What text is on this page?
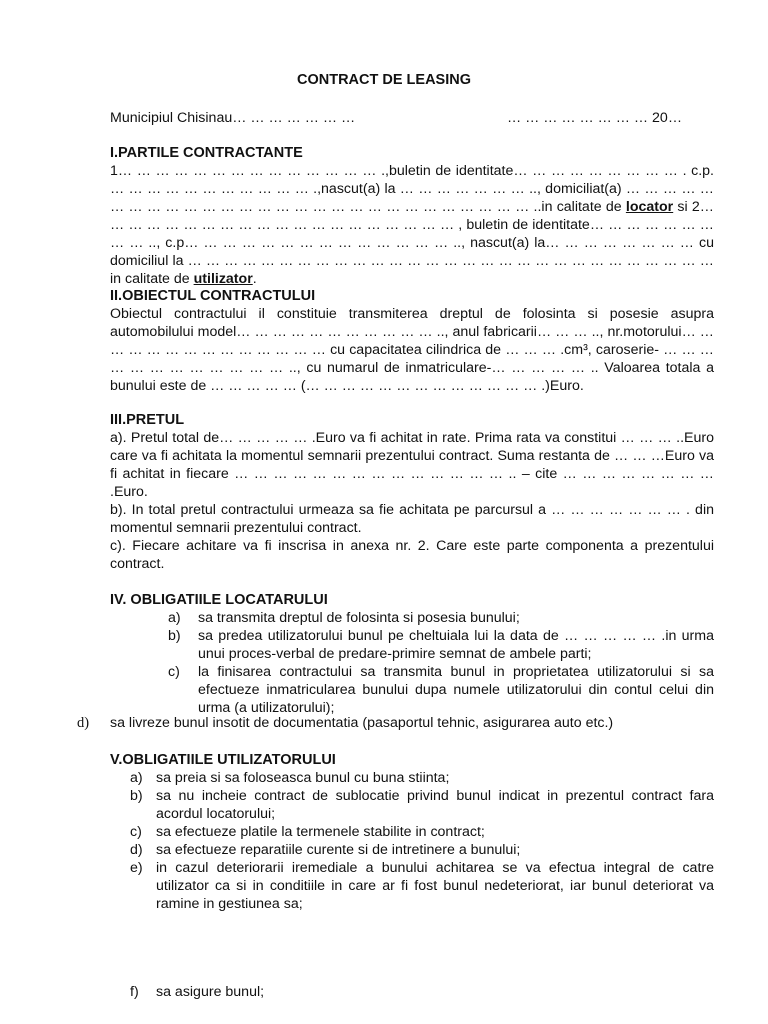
CONTRACT DE LEASING
Municipiul Chisinau… … … … … … …	… … … … … … … … 20…

I.PARTILE CONTRACTANTE

1… … … … … … … … … … … … … … .,buletin de identitate… … … … … … … … … . c.p. … … … … … … … … … … … .,nascut(a) la … … … … … … … .., domiciliat(a) … … … … … … … … … … … … … … … … … … … … … … … … … … … … ..in calitate de locator si 2… … … … … … … … … … … … … … … … … … … … , buletin de identitate… … … … … … … … … .., c.p… … … … … … … … … … … … … … .., nascut(a) la… … … … … … … … cu domiciliul la … … … … … … … … … … … … … … … … … … … … … … … … … … … … … in calitate de utilizator.

II.OBIECTUL CONTRACTULUI

Obiectul contractului il constituie transmiterea dreptul de folosinta si posesie asupra automobilului model… … … … … … … … … … … .., anul fabricarii… … … .., nr.motorului… … … … … … … … … … … … … … cu capacitatea cilindrica de … … … .cm³, caroserie- … … … … … … … … … … … … .., cu numarul de inmatriculare-… … … … … .. Valoarea totala a bunului este de … … … … … (… … … … … … … … … … … … … .)Euro.

III.PRETUL

a). Pretul total de… … … … … .Euro va fi achitat in rate. Prima rata va constitui … … … ..Euro care va fi achitata la momentul semnarii prezentului contract. Suma restanta de … … …Euro va fi achitat in fiecare … … … … … … … … … … … … … … .. – cite … … … … … … … … .Euro.

b). In total pretul contractului urmeaza sa fie achitata pe parcursul a … … … … … … … . din momentul semnarii prezentului contract.

c). Fiecare achitare va fi inscrisa in anexa nr. 2. Care este parte componenta a prezentului contract.

IV. OBLIGATIILE LOCATARULUI

a) sa transmita dreptul de folosinta si posesia bunului;
b) sa predea utilizatorului bunul pe cheltuiala lui la data de … … … … … .in urma unui proces-verbal de predare-primire semnat de ambele parti;
c) la finisarea contractului sa transmita bunul in proprietatea utilizatorului si sa efectueze inmatricularea bunului dupa numele utilizatorului din contul celui din urma (a utilizatorului);
d) sa livreze bunul insotit de documentatia (pasaportul tehnic, asigurarea auto etc.)

V.OBLIGATIILE UTILIZATORULUI

a) sa preia si sa foloseasca bunul cu buna stiinta;
b) sa nu incheie contract de sublocatie privind bunul indicat in prezentul contract fara acordul locatorului;
c) sa efectueze platile la termenele stabilite in contract;
d) sa efectueze reparatiile curente si de intretinere a bunului;
e) in cazul deteriorarii iremediale a bunului achitarea se va efectua integral de catre utilizator ca si in conditiile in care ar fi fost bunul nedeteriorat, iar bunul deteriorat va ramine in gestiunea sa;
f) sa asigure bunul;
